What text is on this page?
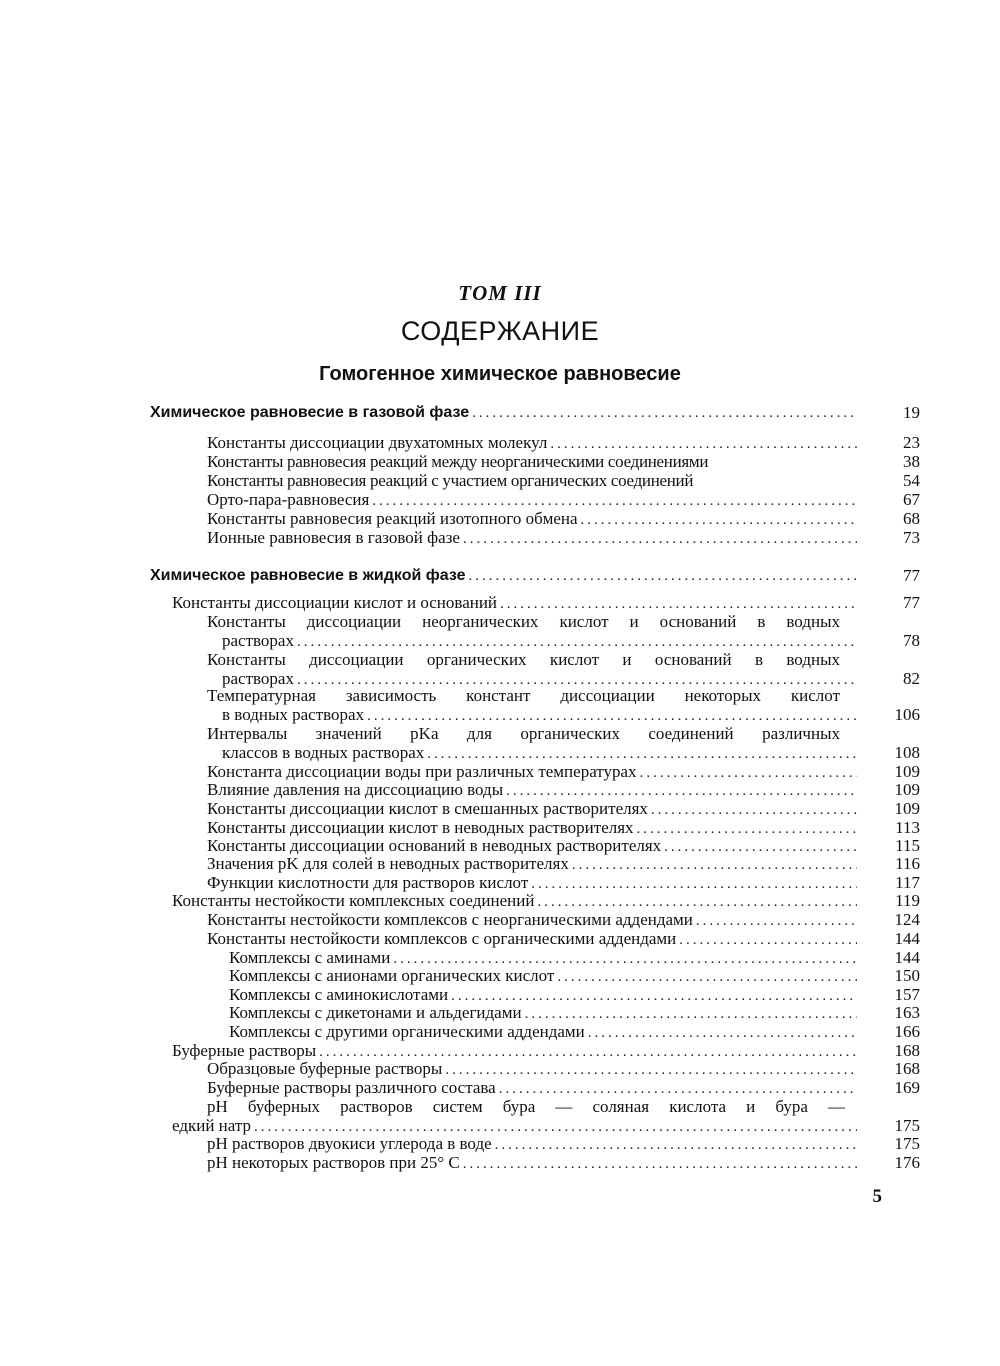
ТОМ III
СОДЕРЖАНИЕ
Гомогенное химическое равновесие
Химическое равновесие в газовой фазе .....	19
Константы диссоциации двухатомных молекул .....	23
Константы равновесия реакций между неорганическими соединениями	38
Константы равновесия реакций с участием органических соединений	54
Орто-пара-равновесия .....	67
Константы равновесия реакций изотопного обмена .....	68
Ионные равновесия в газовой фазе .....	73
Химическое равновесие в жидкой фазе .....	77
Константы диссоциации кислот и оснований .....	77
Константы диссоциации неорганических кислот и оснований в водных
растворах .....	78
Константы диссоциации органических кислот и оснований в водных
растворах .....	82
Температурная зависимость констант диссоциации некоторых кислот
в водных растворах .....	106
Интервалы значений pKa для органических соединений различных
классов в водных растворах .....	108
Константа диссоциации воды при различных температурах .....	109
Влияние давления на диссоциацию воды .....	109
Константы диссоциации кислот в смешанных растворителях .....	109
Константы диссоциации кислот в неводных растворителях .....	113
Константы диссоциации оснований в неводных растворителях .....	115
Значения pK для солей в неводных растворителях .....	116
Функции кислотности для растворов кислот .....	117
Константы нестойкости комплексных соединений .....	119
Константы нестойкости комплексов с неорганическими аддендами .....	124
Константы нестойкости комплексов с органическими аддендами .....	144
Комплексы с аминами .....	144
Комплексы с анионами органических кислот .....	150
Комплексы с аминокислотами .....	157
Комплексы с дикетонами и альдегидами .....	163
Комплексы с другими органическими аддендами .....	166
Буферные растворы .....	168
Образцовые буферные растворы .....	168
Буферные растворы различного состава .....	169
pH буферных растворов систем бура — соляная кислота и бура —
едкий натр .....	175
pH растворов двуокиси углерода в воде .....	175
pH некоторых растворов при 25° С .....	176
5
